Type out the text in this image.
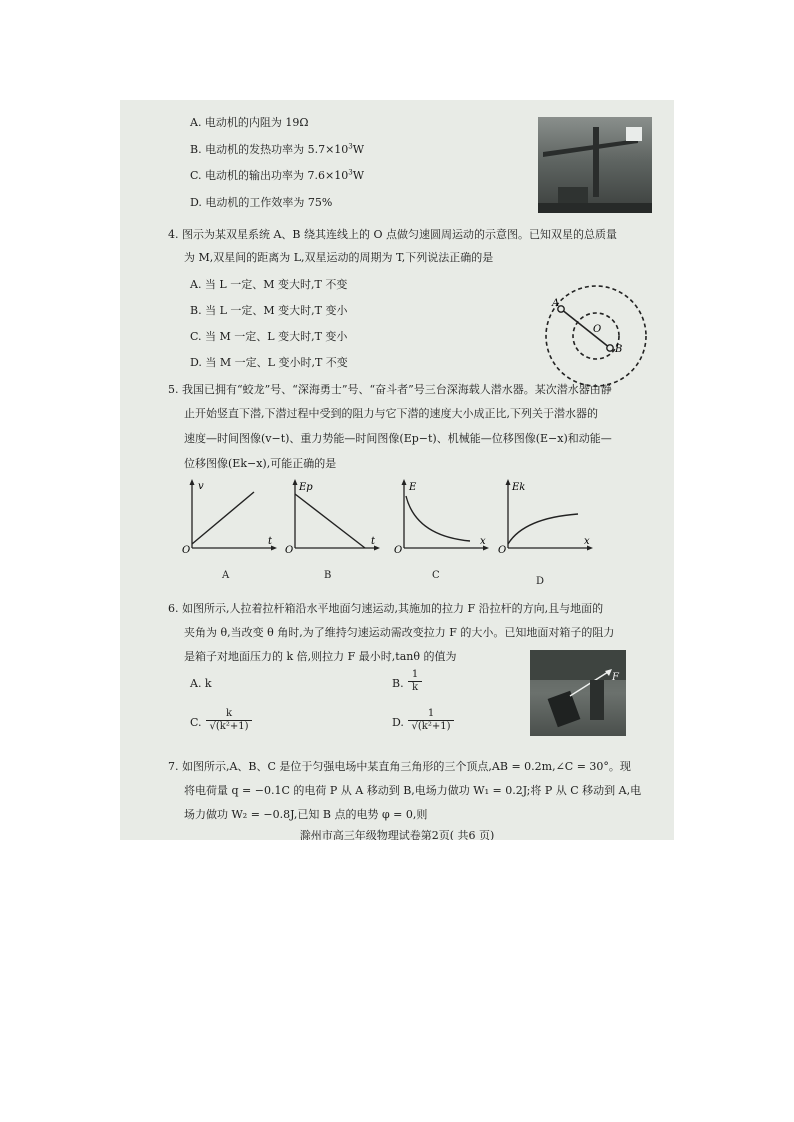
A. 电动机的内阻为 19Ω
B. 电动机的发热功率为 $5.7\times 10^3W$
C. 电动机的输出功率为 $7.6\times 10^3W$
D. 电动机的工作效率为 75%
4. 图示为某双星系统 A、B 绕其连线上的 O 点做匀速圆周运动的示意图。已知双星的总质量
为 M,双星间的距离为 L,双星运动的周期为 T,下列说法正确的是
A. 当 L 一定、M 变大时,T 不变
B. 当 L 一定、M 变大时,T 变小
C. 当 M 一定、L 变大时,T 变小
D. 当 M 一定、L 变小时,T 不变
A
O
B
5. 我国已拥有“蛟龙”号、“深海勇士”号、“奋斗者”号三台深海载人潜水器。某次潜水器由静
止开始竖直下潜,下潜过程中受到的阻力与它下潜的速度大小成正比,下列关于潜水器的
速度—时间图像(v−t)、重力势能—时间图像(Ep−t)、机械能—位移图像(E−x)和动能—
位移图像(Ek−x),可能正确的是
v
t
O
A
Ep
t
O
B
E
x
O
C
Ek
x
O
D
6. 如图所示,人拉着拉杆箱沿水平地面匀速运动,其施加的拉力 F 沿拉杆的方向,且与地面的
夹角为 θ,当改变 θ 角时,为了维持匀速运动需改变拉力 F 的大小。已知地面对箱子的阻力
是箱子对地面压力的 k 倍,则拉力 F 最小时,tanθ 的值为
A. k	B. $\frac{1}{k}$
C. $\frac{k}{\text{√(k²+1)}}$	D. $\frac{1}{\text{√(k²+1)}}$
F
7. 如图所示,A、B、C 是位于匀强电场中某直角三角形的三个顶点,AB = 0.2m,∠C = 30°。现
将电荷量 q = −0.1C 的电荷 P 从 A 移动到 B,电场力做功 W₁ = 0.2J;将 P 从 C 移动到 A,电
场力做功 W₂ = −0.8J,已知 B 点的电势 φ = 0,则
滁州市高三年级物理试卷第2页( 共6 页)
